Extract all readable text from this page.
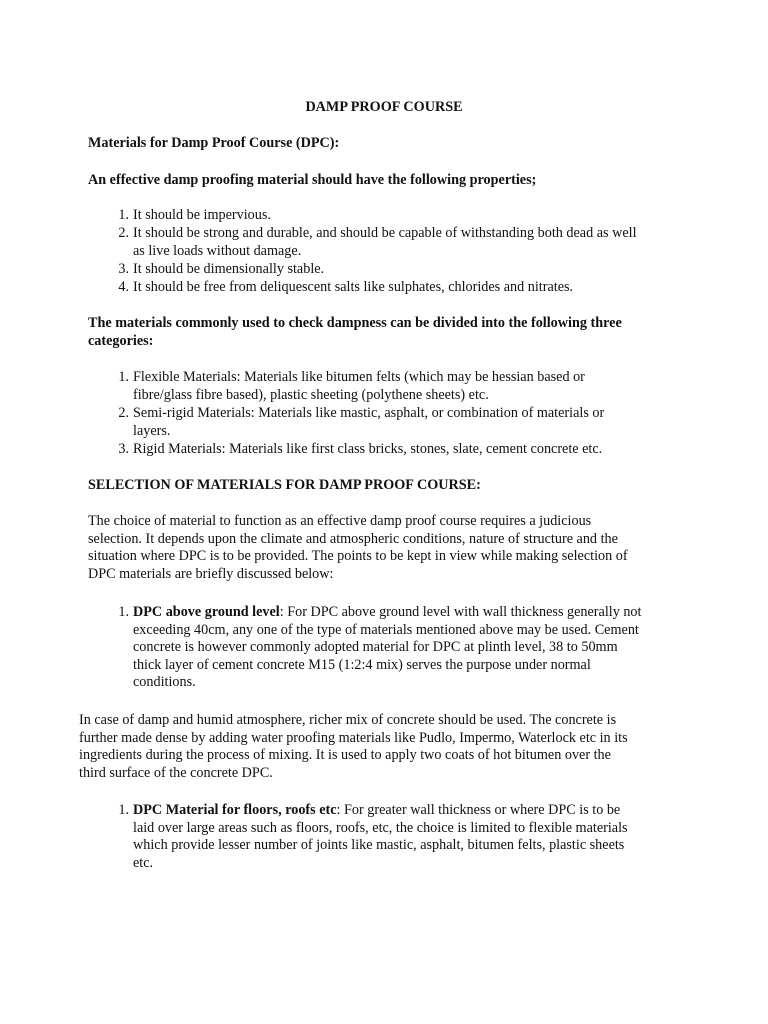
DAMP PROOF COURSE
Materials for Damp Proof Course (DPC):
An effective damp proofing material should have the following properties;
1. It should be impervious.
2. It should be strong and durable, and should be capable of withstanding both dead as well
as live loads without damage.
3. It should be dimensionally stable.
4. It should be free from deliquescent salts like sulphates, chlorides and nitrates.
The materials commonly used to check dampness can be divided into the following three
categories:
1. Flexible Materials: Materials like bitumen felts (which may be hessian based or
fibre/glass fibre based), plastic sheeting (polythene sheets) etc.
2. Semi-rigid Materials: Materials like mastic, asphalt, or combination of materials or
layers.
3. Rigid Materials: Materials like first class bricks, stones, slate, cement concrete etc.
SELECTION OF MATERIALS FOR DAMP PROOF COURSE:
The choice of material to function as an effective damp proof course requires a judicious
selection. It depends upon the climate and atmospheric conditions, nature of structure and the
situation where DPC is to be provided. The points to be kept in view while making selection of
DPC materials are briefly discussed below:
1. DPC above ground level: For DPC above ground level with wall thickness generally not
exceeding 40cm, any one of the type of materials mentioned above may be used. Cement
concrete is however commonly adopted material for DPC at plinth level, 38 to 50mm
thick layer of cement concrete M15 (1:2:4 mix) serves the purpose under normal
conditions.
In case of damp and humid atmosphere, richer mix of concrete should be used. The concrete is
further made dense by adding water proofing materials like Pudlo, Impermo, Waterlock etc in its
ingredients during the process of mixing. It is used to apply two coats of hot bitumen over the
third surface of the concrete DPC.
1. DPC Material for floors, roofs etc: For greater wall thickness or where DPC is to be
laid over large areas such as floors, roofs, etc, the choice is limited to flexible materials
which provide lesser number of joints like mastic, asphalt, bitumen felts, plastic sheets
etc.
